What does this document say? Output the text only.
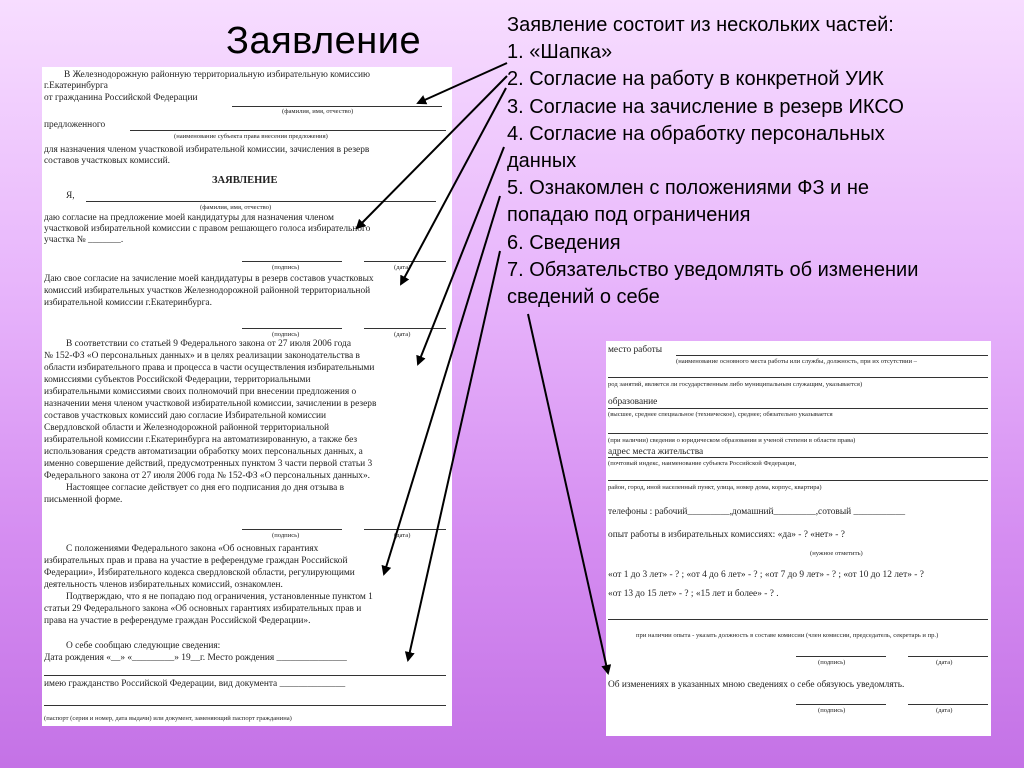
Заявление	Заявление состоит из нескольких частей:
1. «Шапка»
2. Согласие на работу в конкретной УИК
3. Согласие на зачисление в резерв ИКСО
4. Согласие на обработку персональных
данных
5. Ознакомлен с положениями ФЗ и не
попадаю под ограничения
6. Сведения
7. Обязательство уведомлять об изменении
сведений о себе
В Железнодорожную районную территориальную избирательную комиссию
г.Екатеринбурга
от гражданина Российской Федерации
(фамилия, имя, отчество)
предложенного
(наименование субъекта права внесения предложения)
для назначения членом участковой избирательной комиссии, зачисления в резерв
составов участковых комиссий.
ЗАЯВЛЕНИЕ
Я,
(фамилия, имя, отчество)
даю согласие на предложение моей кандидатуры для назначения членом
участковой избирательной комиссии с правом решающего голоса избирательного
участка № _______.
(подпись)	(дата)
Даю свое согласие на зачисление моей кандидатуры в резерв составов участковых
комиссий избирательных участков Железнодорожной районной территориальной
избирательной комиссии г.Екатеринбурга.
(подпись)	(дата)
В соответствии со статьей 9 Федерального закона от 27 июля 2006 года
№ 152-ФЗ «О персональных данных» и в целях реализации законодательства в
области избирательного права и процесса в части осуществления избирательными
комиссиями субъектов Российской Федерации, территориальными
избирательными комиссиями своих полномочий при внесении предложения о
назначении меня членом участковой избирательной комиссии, зачислении в резерв
составов участковых комиссий даю согласие Избирательной комиссии
Свердловской области и Железнодорожной районной территориальной
избирательной комиссии г.Екатеринбурга на автоматизированную, а также без
использования средств автоматизации обработку моих персональных данных, а
именно совершение действий, предусмотренных пунктом 3 части первой статьи 3
Федерального закона от 27 июля 2006 года № 152-ФЗ «О персональных данных».
Настоящее согласие действует со дня его подписания до дня отзыва в
письменной форме.
(подпись)	(дата)
С положениями Федерального закона «Об основных гарантиях
избирательных прав и права на участие в референдуме граждан Российской
Федерации», Избирательного кодекса свердловской области, регулирующими
деятельность членов избирательных комиссий, ознакомлен.
Подтверждаю, что я не попадаю под ограничения, установленные пунктом 1
статьи 29 Федерального закона «Об основных гарантиях избирательных прав и
права на участие в референдуме граждан Российской Федерации».
О себе сообщаю следующие сведения:
Дата рождения «__» «_________» 19__г. Место рождения _______________
имею гражданство Российской Федерации, вид документа ______________
(паспорт (серия и номер, дата выдачи) или документ, заменяющий паспорт гражданина)
место работы
(наименование основного места работы или службы, должность, при их отсутствии –
род занятий, является ли государственным либо муниципальным служащим, указывается)
образование
(высшее, среднее специальное (техническое), среднее; обязательно указывается
(при наличии) сведения о юридическом образовании и ученой степени в области права)
адрес места жительства
(почтовый индекс, наименование субъекта Российской Федерации,
район, город, иной населенный пункт, улица, номер дома, корпус, квартира)
телефоны : рабочий_________,домашний_________,сотовый ___________
опыт работы в избирательных комиссиях: «да» - ? «нет» - ?
(нужное отметить)
«от 1 до 3 лет» - ? ; «от 4 до 6 лет» - ? ; «от 7 до 9 лет» - ? ; «от 10 до 12 лет» - ?
«от 13 до 15 лет» - ? ; «15 лет и более» - ? .
при наличии опыта - указать должность в составе комиссии (член комиссии, председатель, секретарь и пр.)
(подпись)	(дата)
Об изменениях в указанных мною сведениях о себе обязуюсь уведомлять.
(подпись)	(дата)
